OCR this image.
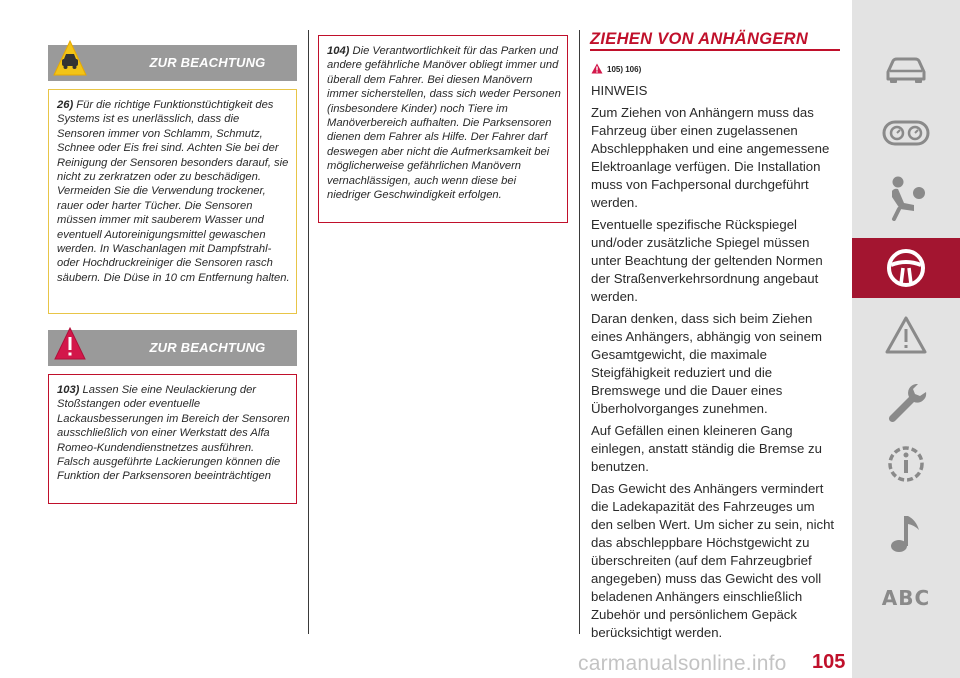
ZUR BEACHTUNG
26) Für die richtige Funktionstüchtigkeit des Systems ist es unerlässlich, dass die Sensoren immer von Schlamm, Schmutz, Schnee oder Eis frei sind. Achten Sie bei der Reinigung der Sensoren besonders darauf, sie nicht zu zerkratzen oder zu beschädigen. Vermeiden Sie die Verwendung trockener, rauer oder harter Tücher. Die Sensoren müssen immer mit sauberem Wasser und eventuell Autoreinigungsmittel gewaschen werden. In Waschanlagen mit Dampfstrahl- oder Hochdruckreiniger die Sensoren rasch säubern. Die Düse in 10 cm Entfernung halten.
ZUR BEACHTUNG
103) Lassen Sie eine Neulackierung der Stoßstangen oder eventuelle Lackausbesserungen im Bereich der Sensoren ausschließlich von einer Werkstatt des Alfa Romeo-Kundendienstnetzes ausführen. Falsch ausgeführte Lackierungen können die Funktion der Parksensoren beeinträchtigen
104) Die Verantwortlichkeit für das Parken und andere gefährliche Manöver obliegt immer und überall dem Fahrer. Bei diesen Manövern immer sicherstellen, dass sich weder Personen (insbesondere Kinder) noch Tiere im Manöverbereich aufhalten. Die Parksensoren dienen dem Fahrer als Hilfe. Der Fahrer darf deswegen aber nicht die Aufmerksamkeit bei möglicherweise gefährlichen Manövern vernachlässigen, auch wenn diese bei niedriger Geschwindigkeit erfolgen.
ZIEHEN VON ANHÄNGERN
105) 106)

HINWEIS

Zum Ziehen von Anhängern muss das Fahrzeug über einen zugelassenen Abschlepphaken und eine angemessene Elektroanlage verfügen. Die Installation muss von Fachpersonal durchgeführt werden.

Eventuelle spezifische Rückspiegel und/oder zusätzliche Spiegel müssen unter Beachtung der geltenden Normen der Straßenverkehrsordnung angebaut werden.

Daran denken, dass sich beim Ziehen eines Anhängers, abhängig von seinem Gesamtgewicht, die maximale Steigfähigkeit reduziert und die Bremswege und die Dauer eines Überholvorganges zunehmen.

Auf Gefällen einen kleineren Gang einlegen, anstatt ständig die Bremse zu benutzen.

Das Gewicht des Anhängers vermindert die Ladekapazität des Fahrzeuges um den selben Wert. Um sicher zu sein, nicht das abschleppbare Höchstgewicht zu überschreiten (auf dem Fahrzeugbrief angegeben) muss das Gewicht des voll beladenen Anhängers einschließlich Zubehör und persönlichem Gepäck berücksichtigt werden.

ABC
105
carmanualsonline.info
